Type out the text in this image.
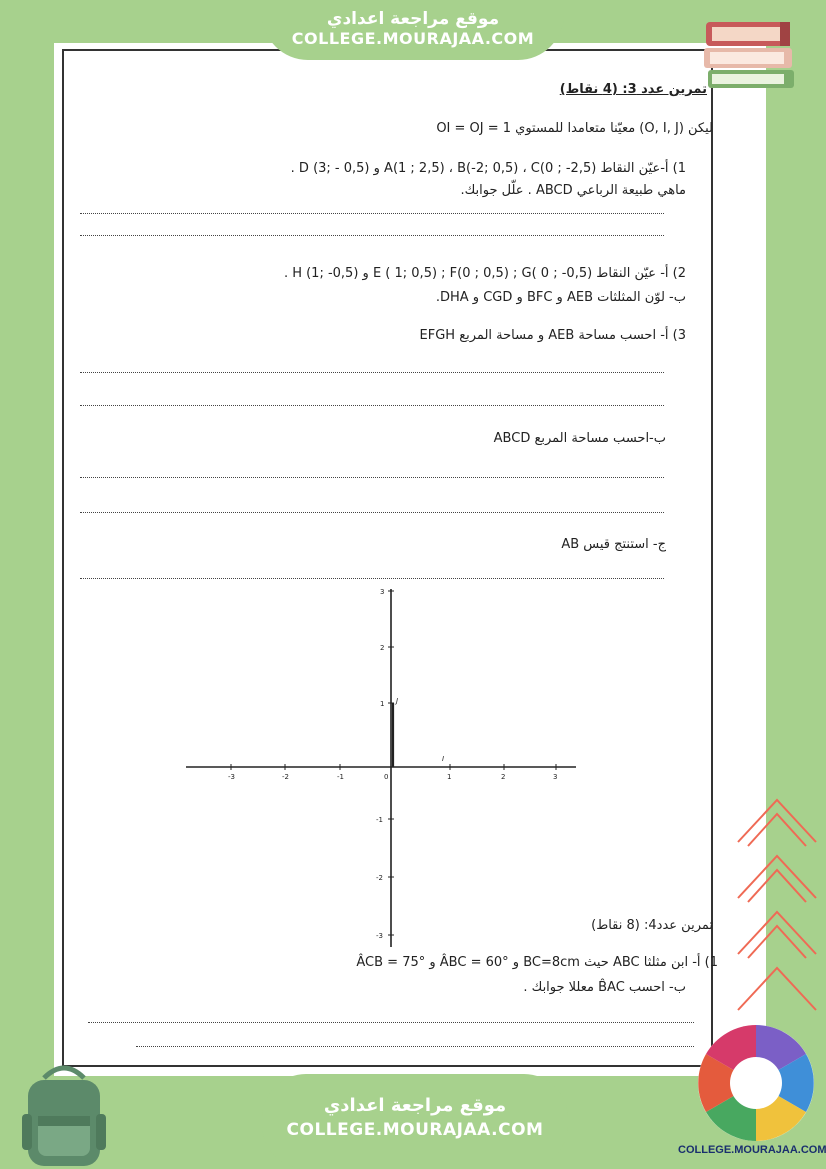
موقع مراجعة اعدادي
COLLEGE.MOURAJAA.COM
تمرين عدد 3: (4 نقاط)
ليكن (O, I, J) معيّنا متعامدا للمستوي OI = OJ = 1
1) أ-عيّن النقاط A(1 ; 2,5) ، B(-2; 0,5) ، C(0 ; -2,5) و D (3; - 0,5) .
ماهي طبيعة الرباعي ABCD . علّل جوابك.
2) أ- عيّن النقاط E ( 1; 0,5) ; F(0 ; 0,5) ; G( 0 ; -0,5) و H (1; -0,5) .
ب- لوّن المثلثات AEB و BFC و CGD و DHA.
3) أ- احسب مساحة AEB و مساحة المربع EFGH
ب-احسب مساحة المربع ABCD
ج- استنتج قيس AB
-3	-2	-1	0	1	2	3
3
2
1
-1
-2
-3
J
I
تمرين عدد4: (8 نقاط)
1) أ- ابن مثلثا ABC حيث BC=8cm و ÂBC = 60° و ÂCB = 75°
ب- احسب B̂AC معللا جوابك .
COLLEGE.MOURAJAA.COM
موقع مراجعة اعدادي
COLLEGE.MOURAJAA.COM
